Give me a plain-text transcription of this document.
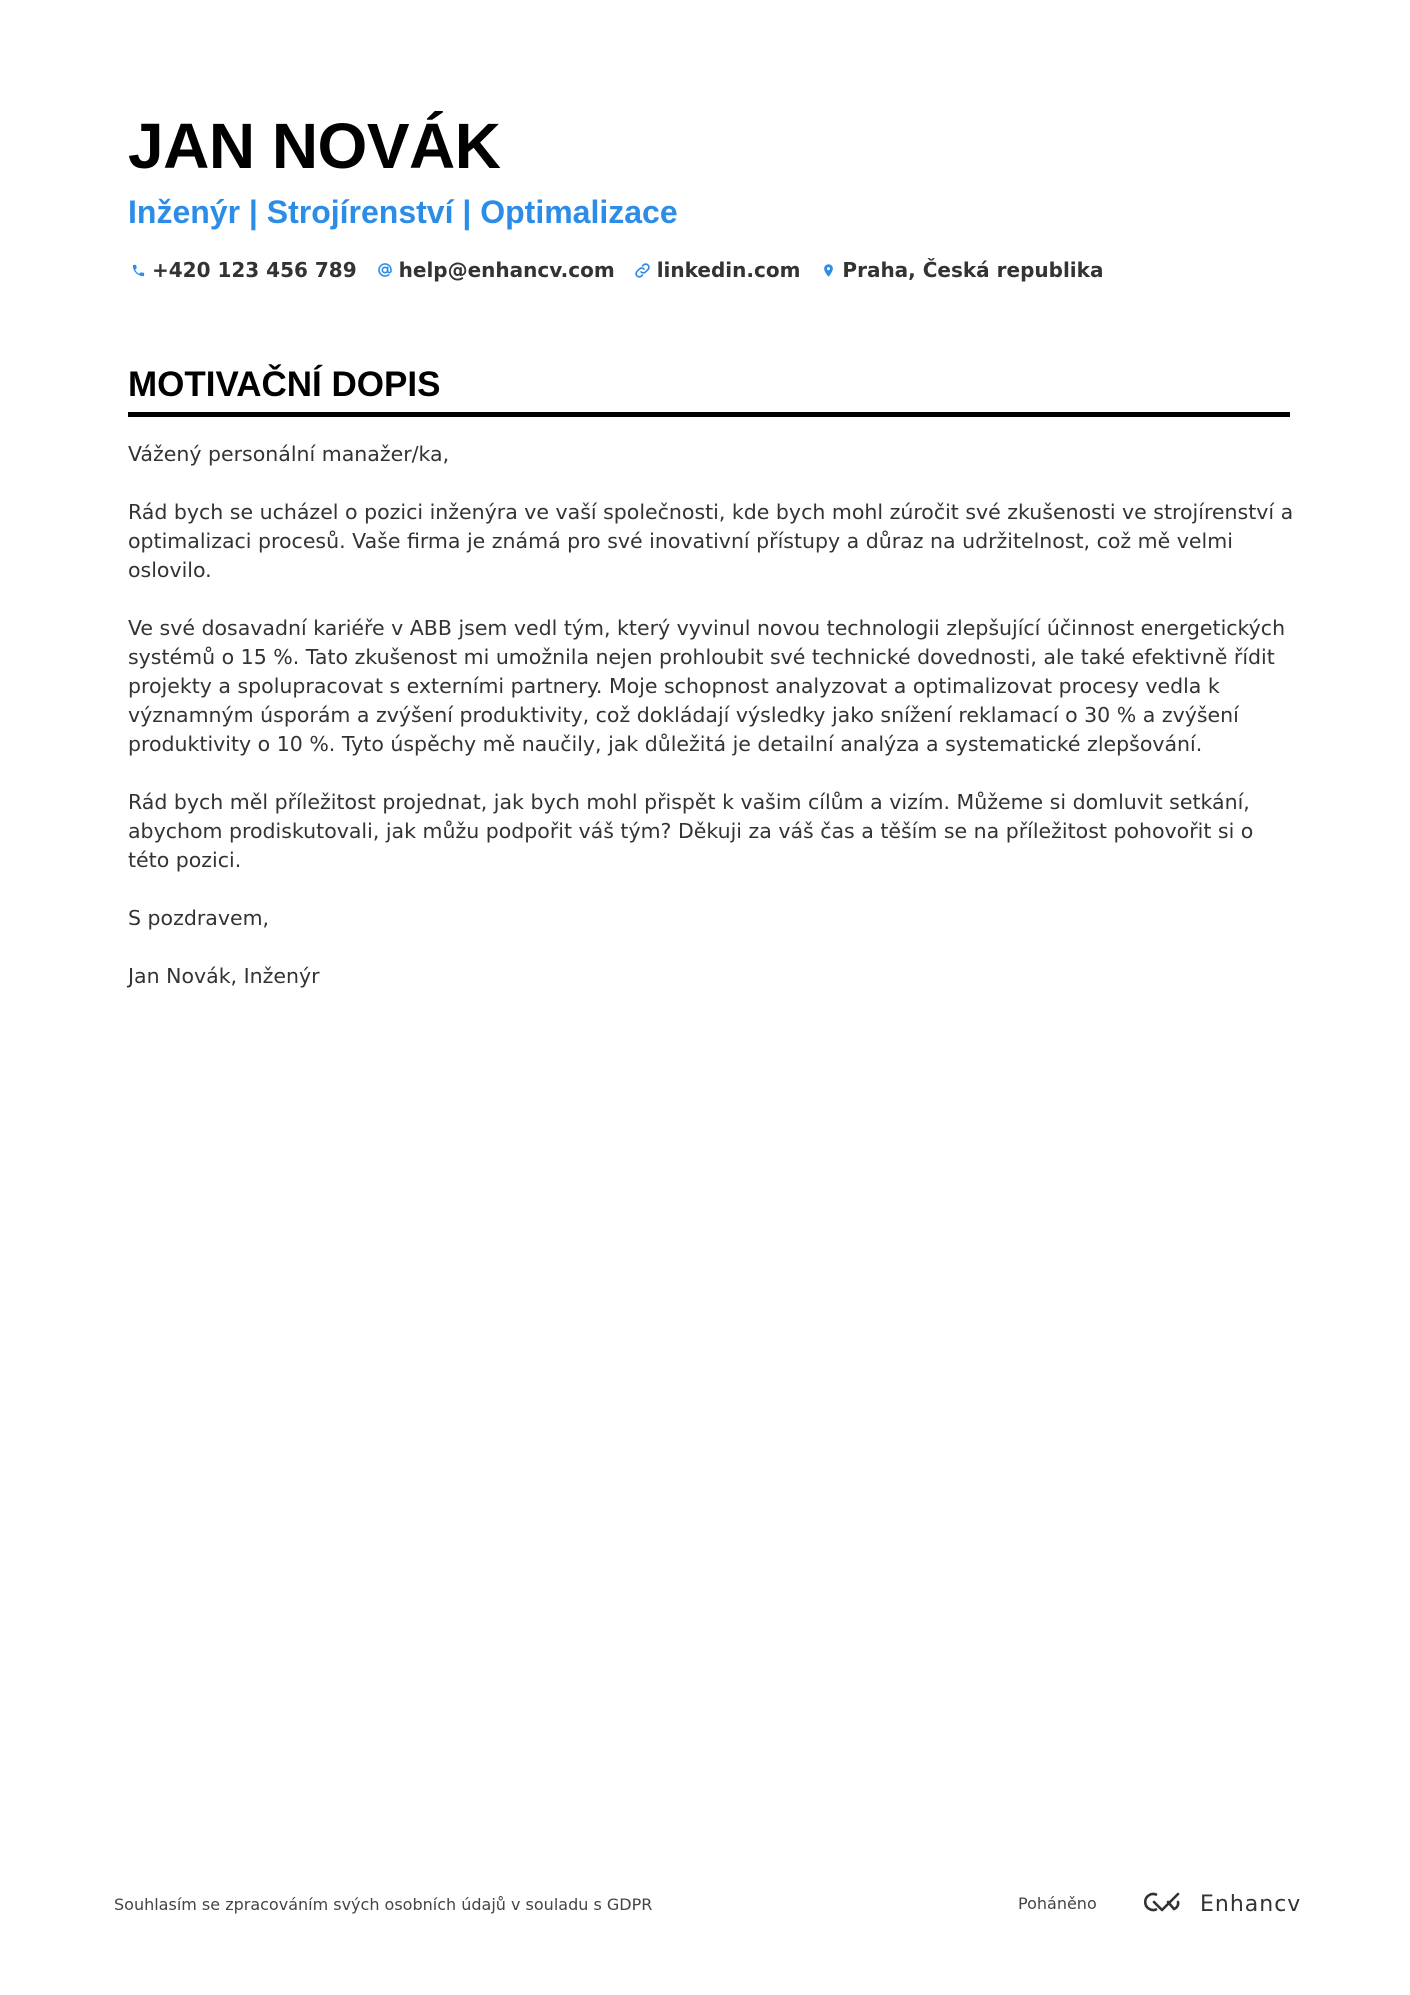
JAN NOVÁK
Inženýr | Strojírenství | Optimalizace
+420 123 456 789 help@enhancv.com linkedin.com Praha, Česká republika
MOTIVAČNÍ DOPIS

Vážený personální manažer/ka,

Rád bych se ucházel o pozici inženýra ve vaší společnosti, kde bych mohl zúročit své zkušenosti ve strojírenství a optimalizaci procesů. Vaše firma je známá pro své inovativní přístupy a důraz na udržitelnost, což mě velmi oslovilo.

Ve své dosavadní kariéře v ABB jsem vedl tým, který vyvinul novou technologii zlepšující účinnost energetických systémů o 15 %. Tato zkušenost mi umožnila nejen prohloubit své technické dovednosti, ale také efektivně řídit projekty a spolupracovat s externími partnery. Moje schopnost analyzovat a optimalizovat procesy vedla k významným úsporám a zvýšení produktivity, což dokládají výsledky jako snížení reklamací o 30 % a zvýšení produktivity o 10 %. Tyto úspěchy mě naučily, jak důležitá je detailní analýza a systematické zlepšování.

Rád bych měl příležitost projednat, jak bych mohl přispět k vašim cílům a vizím. Můžeme si domluvit setkání, abychom prodiskutovali, jak můžu podpořit váš tým? Děkuji za váš čas a těším se na příležitost pohovořit si o této pozici.

S pozdravem,

Jan Novák, Inženýr

Souhlasím se zpracováním svých osobních údajů v souladu s GDPR	Poháněno	Enhancv
